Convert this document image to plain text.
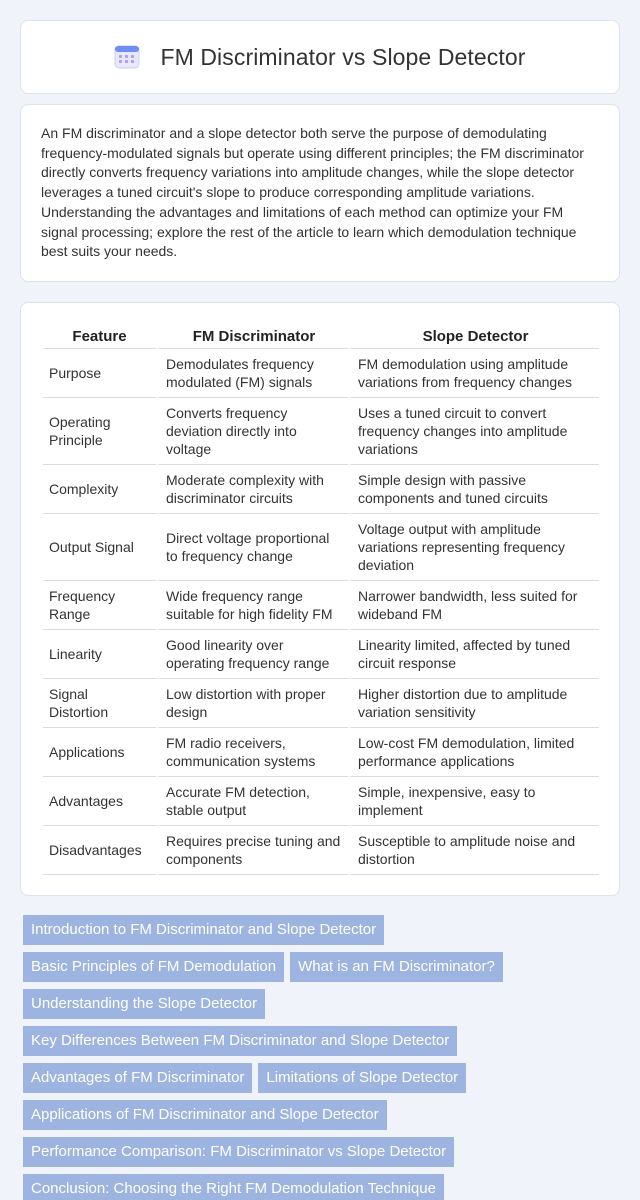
FM Discriminator vs Slope Detector

An FM discriminator and a slope detector both serve the purpose of demodulating frequency-modulated signals but operate using different principles; the FM discriminator directly converts frequency variations into amplitude changes, while the slope detector leverages a tuned circuit's slope to produce corresponding amplitude variations. Understanding the advantages and limitations of each method can optimize your FM signal processing; explore the rest of the article to learn which demodulation technique best suits your needs.

Feature	FM Discriminator	Slope Detector
Purpose	Demodulates frequency modulated (FM) signals	FM demodulation using amplitude variations from frequency changes
Operating Principle	Converts frequency deviation directly into voltage	Uses a tuned circuit to convert frequency changes into amplitude variations
Complexity	Moderate complexity with discriminator circuits	Simple design with passive components and tuned circuits
Output Signal	Direct voltage proportional to frequency change	Voltage output with amplitude variations representing frequency deviation
Frequency Range	Wide frequency range suitable for high fidelity FM	Narrower bandwidth, less suited for wideband FM
Linearity	Good linearity over operating frequency range	Linearity limited, affected by tuned circuit response
Signal Distortion	Low distortion with proper design	Higher distortion due to amplitude variation sensitivity
Applications	FM radio receivers, communication systems	Low-cost FM demodulation, limited performance applications
Advantages	Accurate FM detection, stable output	Simple, inexpensive, easy to implement
Disadvantages	Requires precise tuning and components	Susceptible to amplitude noise and distortion
Introduction to FM Discriminator and Slope Detector
Basic Principles of FM Demodulation	What is an FM Discriminator?
Understanding the Slope Detector
Key Differences Between FM Discriminator and Slope Detector
Advantages of FM Discriminator	Limitations of Slope Detector
Applications of FM Discriminator and Slope Detector
Performance Comparison: FM Discriminator vs Slope Detector
Conclusion: Choosing the Right FM Demodulation Technique
